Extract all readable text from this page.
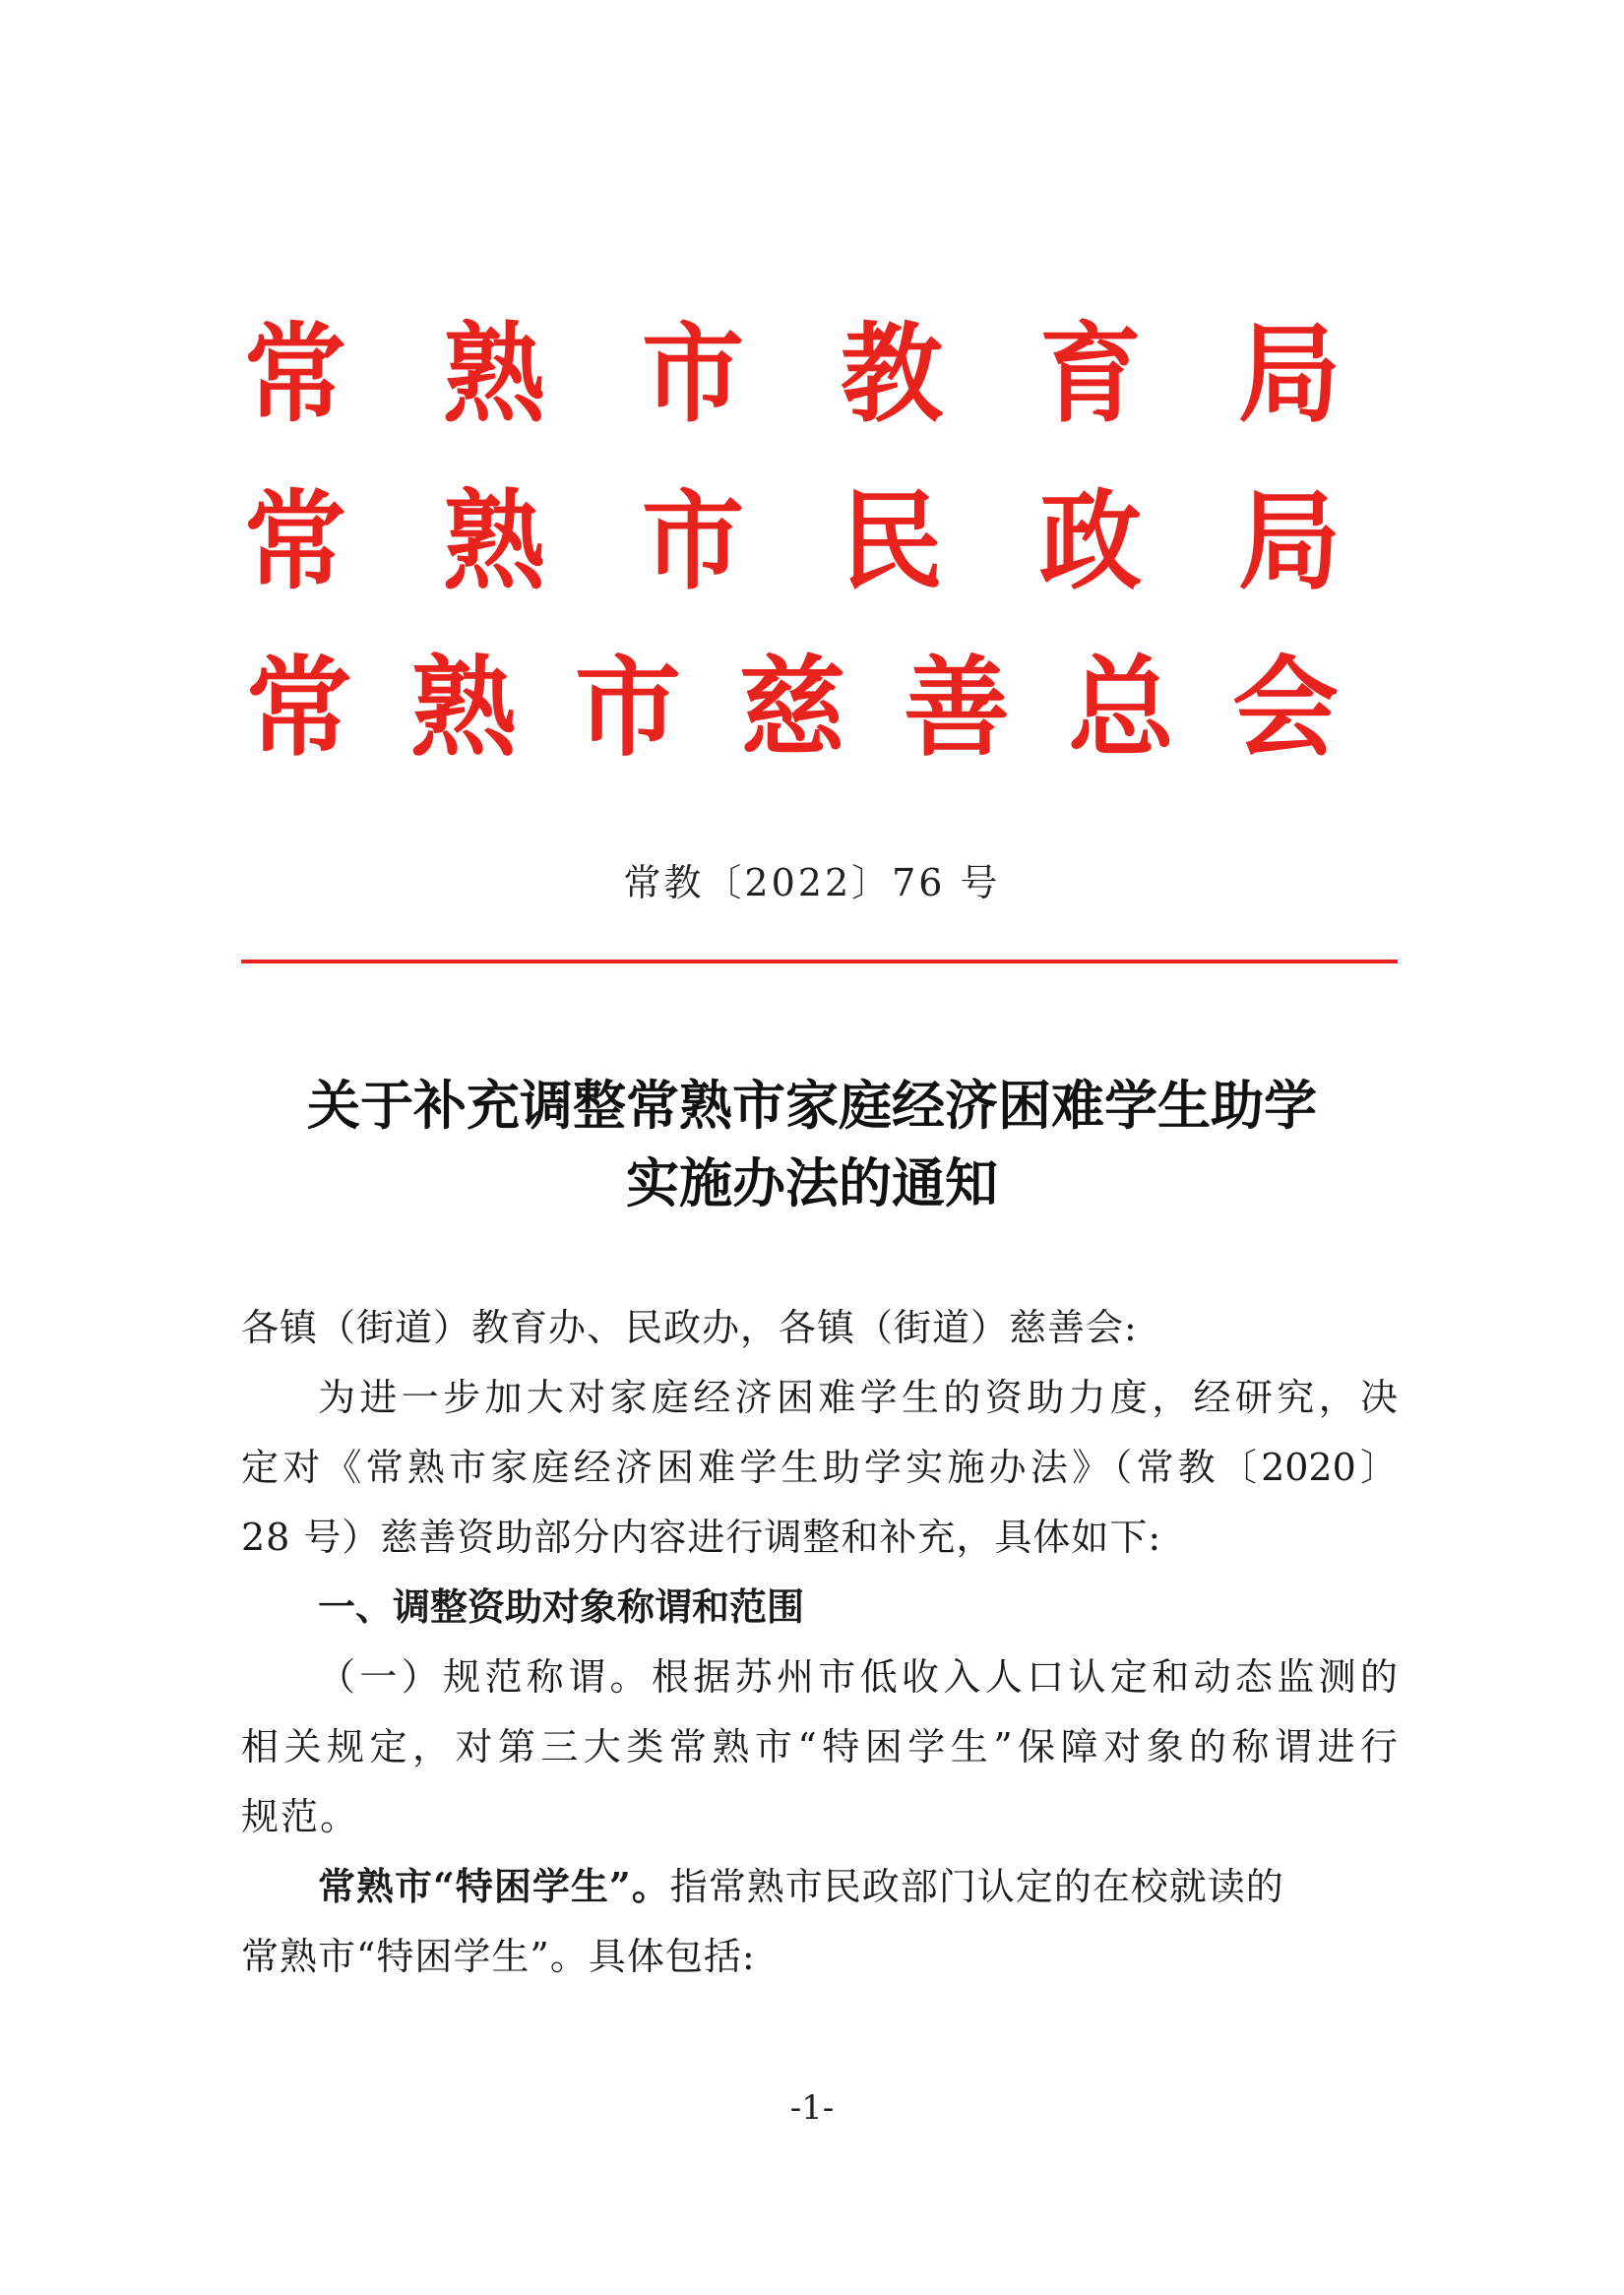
常 熟 市 教 育 局
常 熟 市 民 政 局
常 熟 市 慈 善 总 会
常教〔2022〕76 号
关于补充调整常熟市家庭经济困难学生助学
实施办法的通知
各镇（街道）教育办、民政办，各镇（街道）慈善会:
为进一步加大对家庭经济困难学生的资助力度，经研究，决
定对《常熟市家庭经济困难学生助学实施办法》（常教〔2020〕
28 号）慈善资助部分内容进行调整和补充，具体如下:
一、调整资助对象称谓和范围
（一）规范称谓。根据苏州市低收入人口认定和动态监测的
相关规定，对第三大类常熟市“特困学生”保障对象的称谓进行
规范。
常熟市“特困学生”。指常熟市民政部门认定的在校就读的
常熟市“特困学生”。具体包括:
-1-
